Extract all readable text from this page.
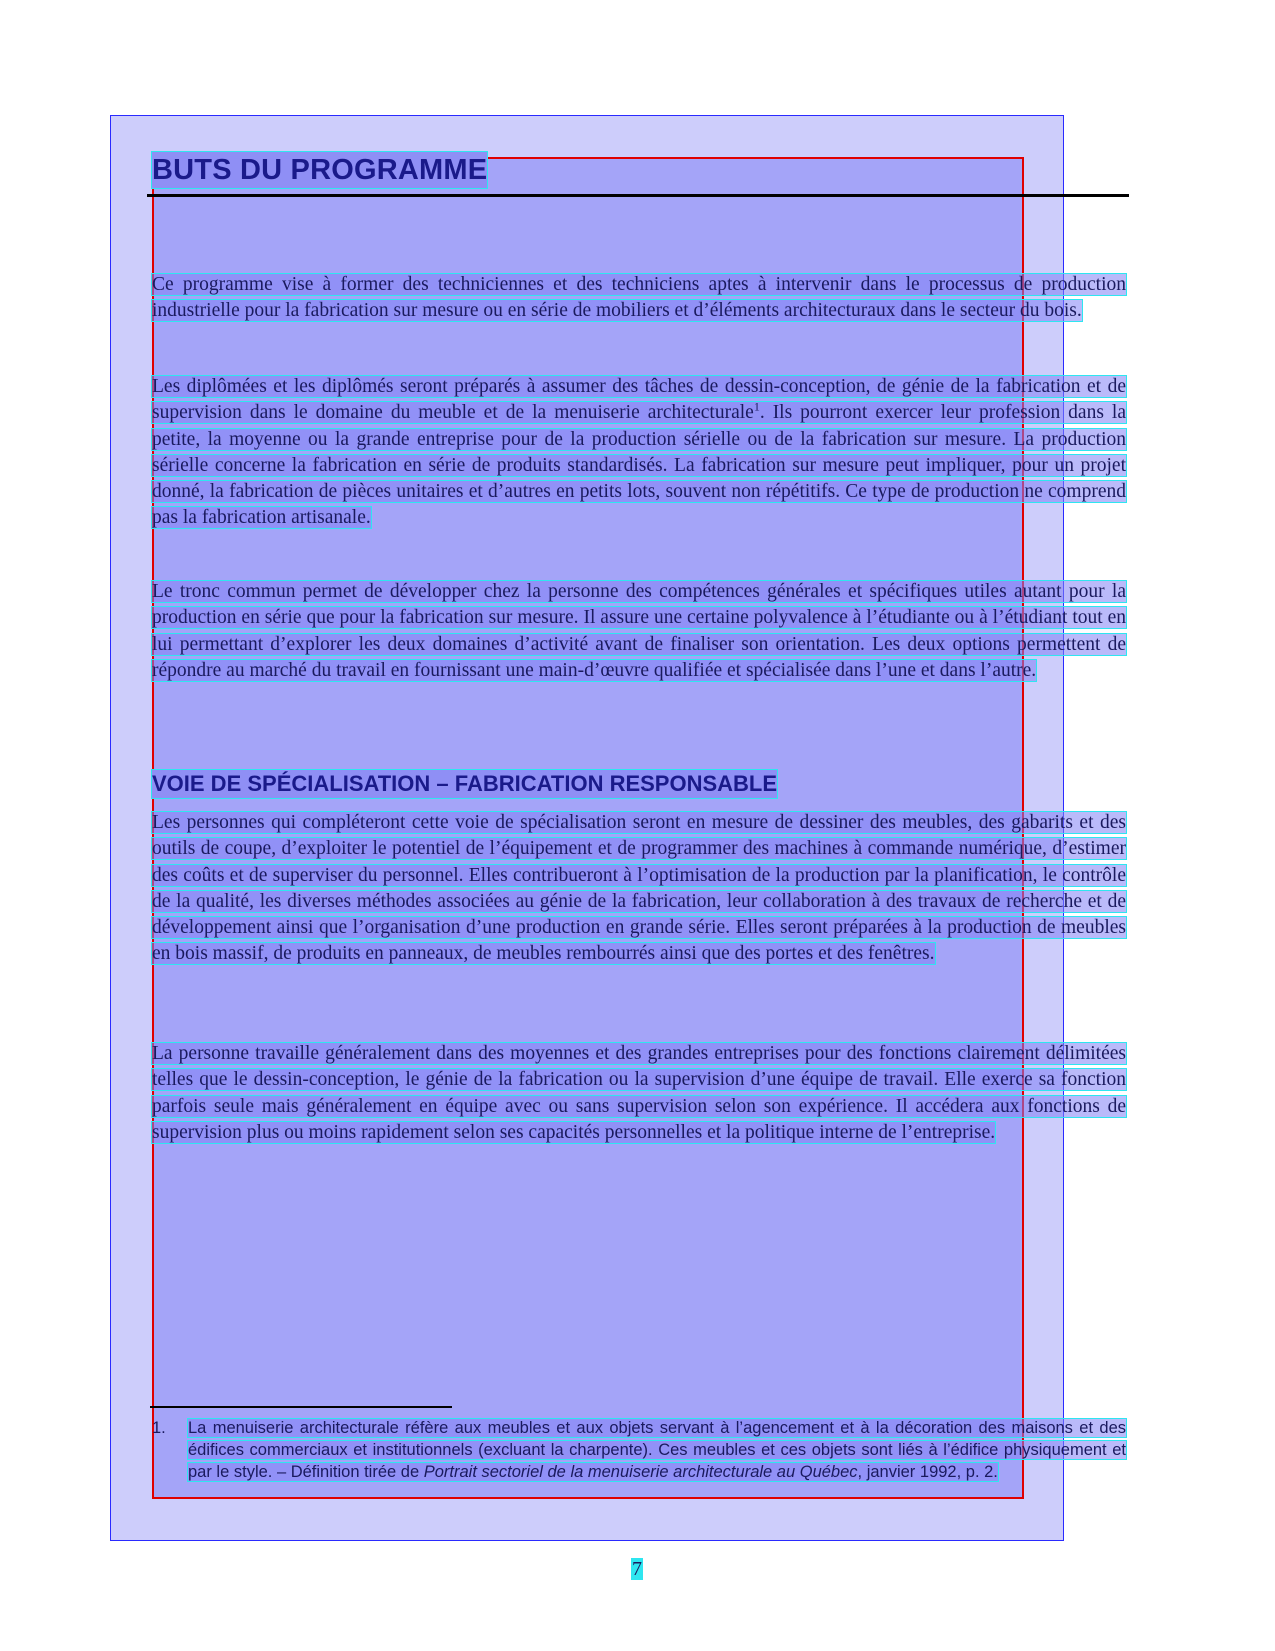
BUTS DU PROGRAMME

Ce programme vise à former des techniciennes et des techniciens aptes à intervenir dans le processus de production industrielle pour la fabrication sur mesure ou en série de mobiliers et d’éléments architecturaux dans le secteur du bois.

Les diplômées et les diplômés seront préparés à assumer des tâches de dessin-conception, de génie de la fabrication et de supervision dans le domaine du meuble et de la menuiserie architecturale$^1$. Ils pourront exercer leur profession dans la petite, la moyenne ou la grande entreprise pour de la production sérielle ou de la fabrication sur mesure. La production sérielle concerne la fabrication en série de produits standardisés. La fabrication sur mesure peut impliquer, pour un projet donné, la fabrication de pièces unitaires et d’autres en petits lots, souvent non répétitifs. Ce type de production ne comprend pas la fabrication artisanale.

Le tronc commun permet de développer chez la personne des compétences générales et spécifiques utiles autant pour la production en série que pour la fabrication sur mesure. Il assure une certaine polyvalence à l’étudiante ou à l’étudiant tout en lui permettant d’explorer les deux domaines d’activité avant de finaliser son orientation. Les deux options permettent de répondre au marché du travail en fournissant une main-d’œuvre qualifiée et spécialisée dans l’une et dans l’autre.

VOIE DE SPÉCIALISATION – FABRICATION RESPONSABLE

Les personnes qui compléteront cette voie de spécialisation seront en mesure de dessiner des meubles, des gabarits et des outils de coupe, d’exploiter le potentiel de l’équipement et de programmer des machines à commande numérique, d’estimer des coûts et de superviser du personnel. Elles contribueront à l’optimisation de la production par la planification, le contrôle de la qualité, les diverses méthodes associées au génie de la fabrication, leur collaboration à des travaux de recherche et de développement ainsi que l’organisation d’une production en grande série. Elles seront préparées à la production de meubles en bois massif, de produits en panneaux, de meubles rembourrés ainsi que des portes et des fenêtres.

La personne travaille généralement dans des moyennes et des grandes entreprises pour des fonctions clairement délimitées telles que le dessin-conception, le génie de la fabrication ou la supervision d’une équipe de travail. Elle exerce sa fonction parfois seule mais généralement en équipe avec ou sans supervision selon son expérience. Il accédera aux fonctions de supervision plus ou moins rapidement selon ses capacités personnelles et la politique interne de l’entreprise.

1. La menuiserie architecturale réfère aux meubles et aux objets servant à l’agencement et à la décoration des maisons et des édifices commerciaux et institutionnels (excluant la charpente). Ces meubles et ces objets sont liés à l’édifice physiquement et par le style. – Définition tirée de Portrait sectoriel de la menuiserie architecturale au Québec, janvier 1992, p. 2.

7
